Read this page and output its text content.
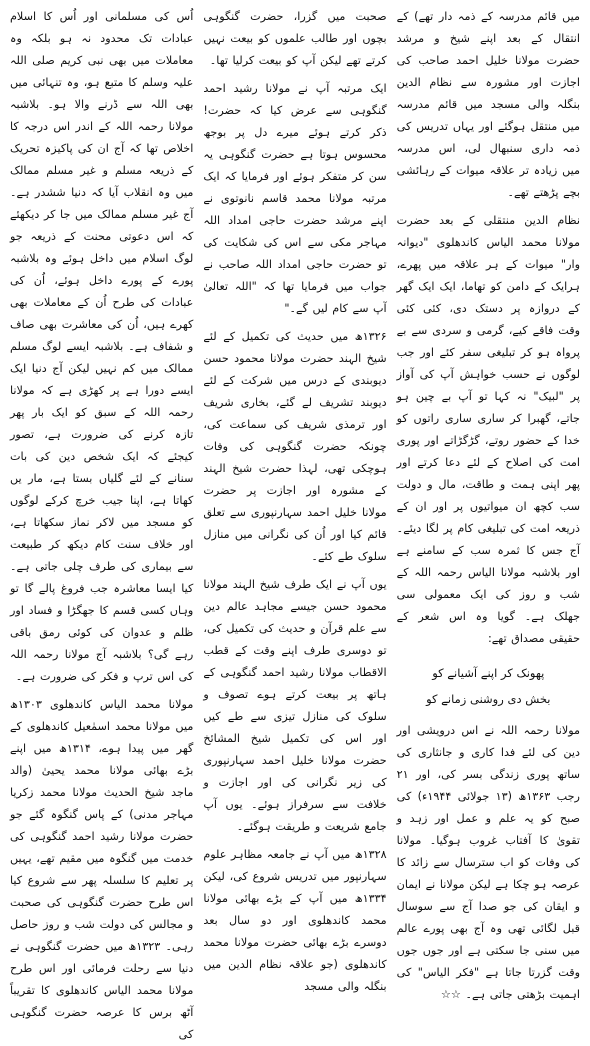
اُس کی مسلمانی اور اُس کا اسلام عبادات تک محدود نہ ہو بلکہ وہ معاملات میں بھی نبی کریم صلی اللہ علیہ وسلم کا متبع ہو، وہ تنہائی میں بھی اللہ سے ڈرنے والا ہو۔ بلاشبہ مولانا رحمہ اللہ کے اندر اس درجہ کا اخلاص تھا کہ آج ان کی پاکیزہ تحریک کے ذریعہ مسلم و غیر مسلم ممالک میں وہ انقلاب آیا کہ دنیا ششدر ہے۔ آج غیر مسلم ممالک میں جا کر دیکھئے کہ اس دعوتی محنت کے ذریعہ جو لوگ اسلام میں داخل ہوئے وہ بلاشبہ پورے کے پورے داخل ہوئے، اُن کی عبادات کی طرح اُن کے معاملات بھی کھرے ہیں، اُن کی معاشرت بھی صاف و شفاف ہے۔ بلاشبہ ایسے لوگ مسلم ممالک میں کم نہیں لیکن آج دنیا ایک ایسے دورا ہے پر کھڑی ہے کہ مولانا رحمہ اللہ کے سبق کو ایک بار پھر تازہ کرنے کی ضرورت ہے، تصور کیجئے کہ ایک شخص دین کی بات سنانے کے لئے گلیاں بستا ہے، مار یں کھاتا ہے، اپنا جیب خرچ کرکے لوگوں کو مسجد میں لاکر نماز سکھاتا ہے، اور خلاف سنت کام دیکھ کر طبیعت سے بیماری کی طرف چلی جاتی ہے۔ کیا ایسا معاشرہ جب فروغ پالے گا تو وہاں کسی قسم کا جھگڑا و فساد اور ظلم و عدوان کی کوئی رمق باقی رہے گی؟ بلاشبہ آج مولانا رحمہ اللہ کی اس ترپ و فکر کی ضرورت ہے۔

مولانا محمد الیاس کاندھلوی ۱۳۰۳ھ میں مولانا محمد اسمٰعیل کاندھلوی کے گھر میں پیدا ہوے، ۱۳۱۴ھ میں اپنے بڑے بھائی مولانا محمد یحییٰ (والد ماجد شیخ الحدیث مولانا محمد زکریا مہاجر مدنی) کے پاس گنگوہ گئے جو حضرت مولانا رشید احمد گنگوہی کی خدمت میں گنگوہ میں مقیم تھے، یہیں پر تعلیم کا سلسلہ پھر سے شروع کیا اس طرح حضرت گنگوہی کی صحبت و مجالس کی دولت شب و روز حاصل رہی۔ ۱۳۲۳ھ میں حضرت گنگوہی نے دنیا سے رحلت فرمائی اور اس طرح مولانا محمد الیاس کاندھلوی کا تقریباً آٹھ برس کا عرصہ حضرت گنگوہی کی

صحبت میں گزرا، حضرت گنگوہی بچوں اور طالب علموں کو بیعت نہیں کرتے تھے لیکن آپ کو بیعت کرلیا تھا۔

ایک مرتبہ آپ نے مولانا رشید احمد گنگوہی سے عرض کیا کہ حضرت! ذکر کرتے ہوئے میرے دل پر بوجھ محسوس ہوتا ہے حضرت گنگوہی یہ سن کر متفکر ہوئے اور فرمایا کہ ایک مرتبہ مولانا محمد قاسم نانوتوی نے اپنے مرشد حضرت حاجی امداد اللہ مہاجر مکی سے اس کی شکایت کی تو حضرت حاجی امداد اللہ صاحب نے جواب میں فرمایا تھا کہ "اللہ تعالیٰ آپ سے کام لیں گے۔"

۱۳۲۶ھ میں حدیث کی تکمیل کے لئے شیخ الہند حضرت مولانا محمود حسن دیوبندی کے درس میں شرکت کے لئے دیوبند تشریف لے گئے، بخاری شریف اور ترمذی شریف کی سماعت کی، چونکہ حضرت گنگوہی کی وفات ہوچکی تھی، لہذا حضرت شیخ الہند کے مشورہ اور اجازت پر حضرت مولانا خلیل احمد سہارنپوری سے تعلق قائم کیا اور اُن کی نگرانی میں منازل سلوک طے کئے۔

یوں آپ نے ایک طرف شیخ الہند مولانا محمود حسن جیسے مجاہد عالم دین سے علم قرآن و حدیث کی تکمیل کی، تو دوسری طرف اپنے وقت کے قطب الاقطاب مولانا رشید احمد گنگوہی کے ہاتھ پر بیعت کرتے ہوے تصوف و سلوک کی منازل تیزی سے طے کیں اور اس کی تکمیل شیخ المشائخ حضرت مولانا خلیل احمد سہارنپوری کی زیر نگرانی کی اور اجازت و خلافت سے سرفراز ہوئے۔ یوں آپ جامع شریعت و طریقت ہوگئے۔

۱۳۲۸ھ میں آپ نے جامعہ مظاہر علوم سہارنپور میں تدریس شروع کی، لیکن ۱۳۳۴ھ میں آپ کے بڑے بھائی مولانا محمد کاندھلوی اور دو سال بعد دوسرے بڑے بھائی حضرت مولانا محمد کاندھلوی (جو علاقہ نظام الدین میں بنگلہ والی مسجد

میں قائم مدرسہ کے ذمہ دار تھے) کے انتقال کے بعد اپنے شیخ و مرشد حضرت مولانا خلیل احمد صاحب کی اجازت اور مشورہ سے نظام الدین بنگلہ والی مسجد میں قائم مدرسہ میں منتقل ہوگئے اور یہاں تدریس کی ذمہ داری سنبھال لی، اس مدرسہ میں زیادہ تر علاقہ میوات کے رہائشی بچے پڑھتے تھے۔

نظام الدین منتقلی کے بعد حضرت مولانا محمد الیاس کاندھلوی "دیوانہ وار" میوات کے ہر علاقہ میں پھرے، ہرایک کے دامن کو تھاما، ایک ایک گھر کے دروازہ پر دستک دی، کئی کئی وقت فاقے کیے، گرمی و سردی سے بے پرواہ ہو کر تبلیغی سفر کئے اور جب لوگوں نے حسب خواہش آپ کی آواز پر "لبیک" نہ کہا تو آپ بے چین ہو جاتے، گھبرا کر ساری ساری راتوں کو خدا کے حضور روتے، گڑگڑاتے اور پوری امت کی اصلاح کے لئے دعا کرتے اور پھر اپنی ہمت و طاقت، مال و دولت سب کچھ ان میواتیوں پر اور ان کے ذریعہ امت کی تبلیغی کام پر لگا دیئے۔ آج جس کا ثمرہ سب کے سامنے ہے اور بلاشبہ مولانا الیاس رحمہ اللہ کے شب و روز کی ایک معمولی سی جھلک ہے۔ گویا وہ اس شعر کے حقیقی مصداق تھے:

پھونک کر اپنے آشیانے کو
بخش دی روشنی زمانے کو

مولانا رحمہ اللہ نے اس درویشی اور دین کی لئے فدا کاری و جانثاری کی ساتھ پوری زندگی بسر کی، اور ۲۱ رجب ۱۳۶۳ھ (۱۳ جولائی ۱۹۴۴ء) کی صبح کو یہ علم و عمل اور زہد و تقویٰ کا آفتاب غروب ہوگیا۔ مولانا کی وفات کو اب سترسال سے زائد کا عرصہ ہو چکا ہے لیکن مولانا نے ایمان و ایقان کی جو صدا آج سے سوسال قبل لگائی تھی وہ آج بھی پورے عالم میں سنی جا سکتی ہے اور جوں جوں وقت گزرتا جاتا ہے "فکر الیاس" کی اہمیت بڑھتی جاتی ہے۔ ☆☆
